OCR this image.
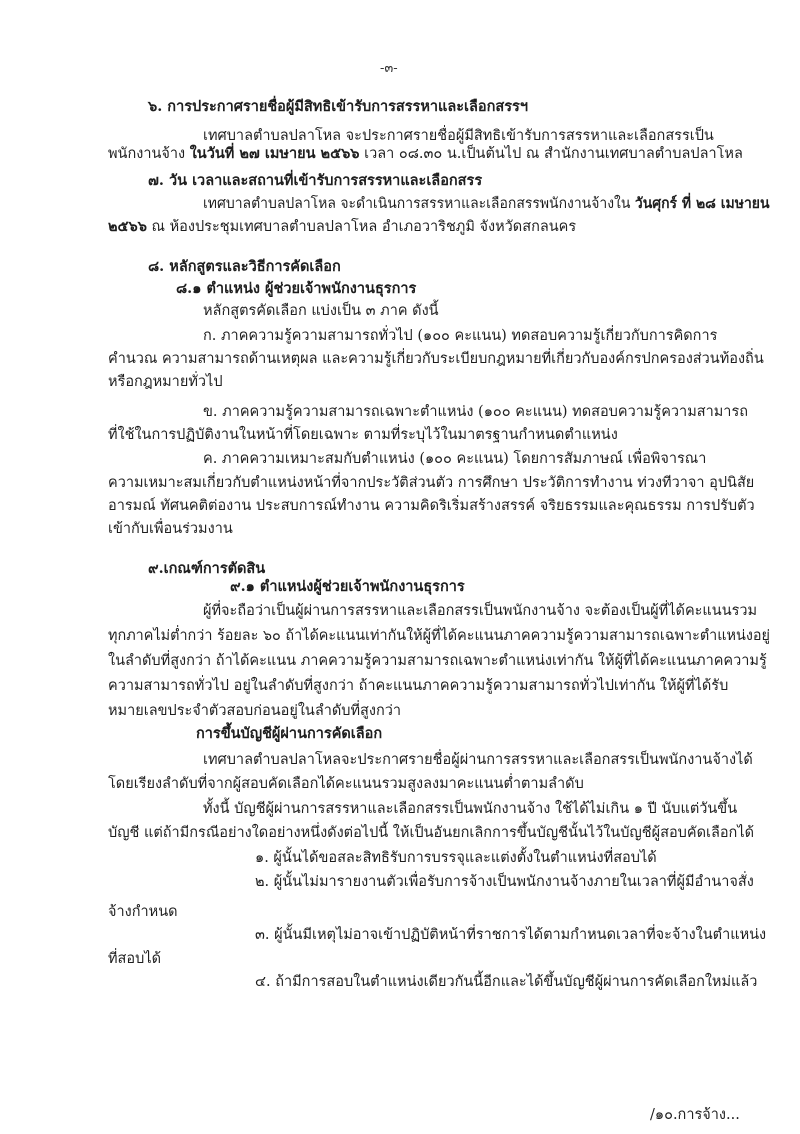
-๓-
๖. การประกาศรายชื่อผู้มีสิทธิเข้ารับการสรรหาและเลือกสรรฯ
เทศบาลตำบลปลาโหล จะประกาศรายชื่อผู้มีสิทธิเข้ารับการสรรหาและเลือกสรรเป็น
พนักงานจ้าง ในวันที่ ๒๗ เมษายน ๒๕๖๖ เวลา ๐๘.๓๐ น.เป็นต้นไป ณ สำนักงานเทศบาลตำบลปลาโหล
๗. วัน เวลาและสถานที่เข้ารับการสรรหาและเลือกสรร
เทศบาลตำบลปลาโหล จะดำเนินการสรรหาและเลือกสรรพนักงานจ้างใน วันศุกร์ ที่ ๒๘ เมษายน
๒๕๖๖ ณ ห้องประชุมเทศบาลตำบลปลาโหล อำเภอวาริชภูมิ จังหวัดสกลนคร
๘. หลักสูตรและวิธีการคัดเลือก
๘.๑ ตำแหน่ง ผู้ช่วยเจ้าพนักงานธุรการ
หลักสูตรคัดเลือก แบ่งเป็น ๓ ภาค ดังนี้
ก. ภาคความรู้ความสามารถทั่วไป (๑๐๐ คะแนน) ทดสอบความรู้เกี่ยวกับการคิดการ
คำนวณ ความสามารถด้านเหตุผล และความรู้เกี่ยวกับระเบียบกฎหมายที่เกี่ยวกับองค์กรปกครองส่วนท้องถิ่น
หรือกฎหมายทั่วไป
ข. ภาคความรู้ความสามารถเฉพาะตำแหน่ง (๑๐๐ คะแนน) ทดสอบความรู้ความสามารถ
ที่ใช้ในการปฏิบัติงานในหน้าที่โดยเฉพาะ ตามที่ระบุไว้ในมาตรฐานกำหนดตำแหน่ง
ค. ภาคความเหมาะสมกับตำแหน่ง (๑๐๐ คะแนน) โดยการสัมภาษณ์ เพื่อพิจารณา
ความเหมาะสมเกี่ยวกับตำแหน่งหน้าที่จากประวัติส่วนตัว การศึกษา ประวัติการทำงาน ท่วงทีวาจา อุปนิสัย
อารมณ์ ทัศนคติต่องาน ประสบการณ์ทำงาน ความคิดริเริ่มสร้างสรรค์ จริยธรรมและคุณธรรม การปรับตัว
เข้ากับเพื่อนร่วมงาน
๙.เกณฑ์การตัดสิน
๙.๑ ตำแหน่งผู้ช่วยเจ้าพนักงานธุรการ
ผู้ที่จะถือว่าเป็นผู้ผ่านการสรรหาและเลือกสรรเป็นพนักงานจ้าง จะต้องเป็นผู้ที่ได้คะแนนรวม
ทุกภาคไม่ต่ำกว่า ร้อยละ ๖๐ ถ้าได้คะแนนเท่ากันให้ผู้ที่ได้คะแนนภาคความรู้ความสามารถเฉพาะตำแหน่งอยู่
ในลำดับที่สูงกว่า ถ้าได้คะแนน ภาคความรู้ความสามารถเฉพาะตำแหน่งเท่ากัน ให้ผู้ที่ได้คะแนนภาคความรู้
ความสามารถทั่วไป อยู่ในลำดับที่สูงกว่า ถ้าคะแนนภาคความรู้ความสามารถทั่วไปเท่ากัน ให้ผู้ที่ได้รับ
หมายเลขประจำตัวสอบก่อนอยู่ในลำดับที่สูงกว่า
การขึ้นบัญชีผู้ผ่านการคัดเลือก
เทศบาลตำบลปลาโหลจะประกาศรายชื่อผู้ผ่านการสรรหาและเลือกสรรเป็นพนักงานจ้างได้
โดยเรียงลำดับที่จากผู้สอบคัดเลือกได้คะแนนรวมสูงลงมาคะแนนต่ำตามลำดับ
ทั้งนี้ บัญชีผู้ผ่านการสรรหาและเลือกสรรเป็นพนักงานจ้าง ใช้ได้ไม่เกิน ๑ ปี นับแต่วันขึ้น
บัญชี แต่ถ้ามีกรณีอย่างใดอย่างหนึ่งดังต่อไปนี้ ให้เป็นอันยกเลิกการขึ้นบัญชีนั้นไว้ในบัญชีผู้สอบคัดเลือกได้
๑. ผู้นั้นได้ขอสละสิทธิรับการบรรจุและแต่งตั้งในตำแหน่งที่สอบได้
๒. ผู้นั้นไม่มารายงานตัวเพื่อรับการจ้างเป็นพนักงานจ้างภายในเวลาที่ผู้มีอำนาจสั่ง
จ้างกำหนด
๓. ผู้นั้นมีเหตุไม่อาจเข้าปฏิบัติหน้าที่ราชการได้ตามกำหนดเวลาที่จะจ้างในตำแหน่ง
ที่สอบได้
๔. ถ้ามีการสอบในตำแหน่งเดียวกันนี้อีกและได้ขึ้นบัญชีผู้ผ่านการคัดเลือกใหม่แล้ว
/๑๐.การจ้าง...
